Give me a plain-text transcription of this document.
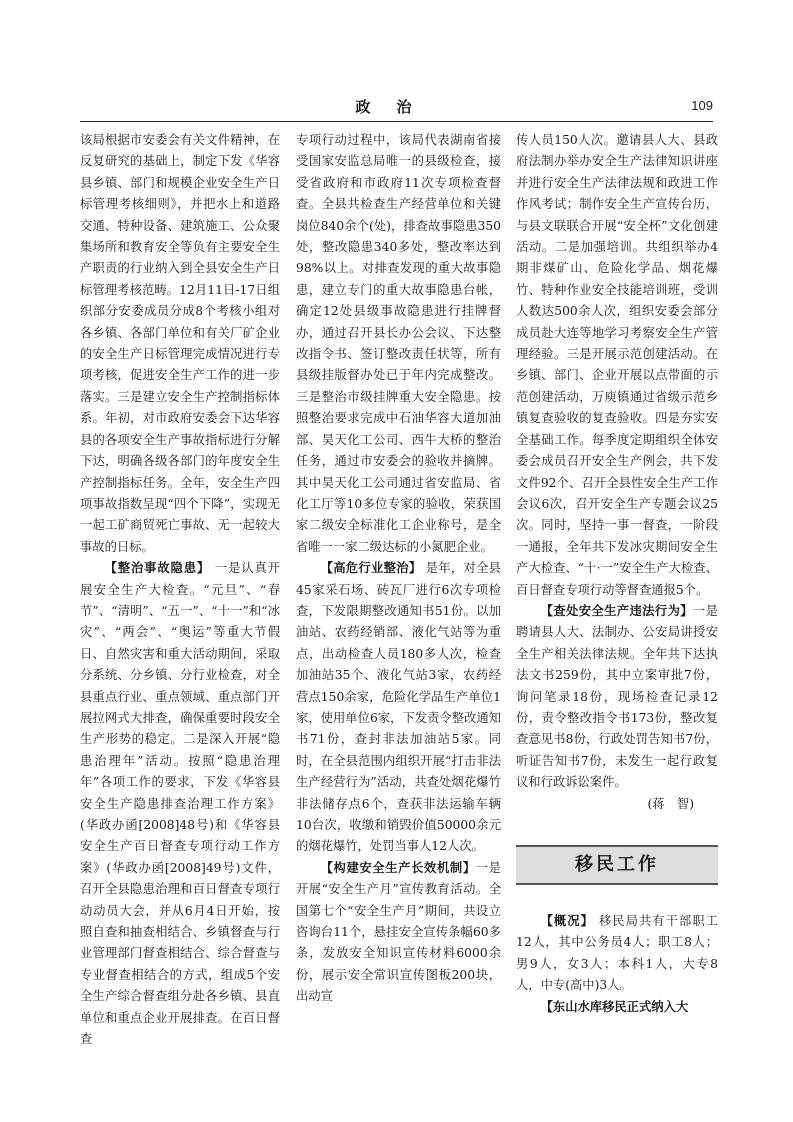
政治	109

该局根据市安委会有关文件精神，在反复研究的基础上，制定下发《华容县乡镇、部门和规模企业安全生产日标管理考核细则》，并把水上和道路交通、特种设备、建筑施工、公众聚集场所和教育安全等负有主要安全生产职责的行业纳入到全县安全生产日标管理考核范畴。12月11日-17日组织部分安委成员分成8个考核小组对各乡镇、各部门单位和有关厂矿企业的安全生产日标管理完成情况进行专项考核，促进安全生产工作的进一步落实。三是建立安全生产控制指标体系。年初，对市政府安委会下达华容县的各项安全生产事故指标进行分解下达，明确各级各部门的年度安全生产控制指标任务。全年，安全生产四项事故指数呈现“四个下降”，实现无一起工矿商贸死亡事故、无一起较大事故的日标。

【整治事故隐患】 一是认真开展安全生产大检查。“元旦”、“春节”、“清明”、“五一”、“十一”和“冰灾”、“两会”、“奥运”等重大节假日、自然灾害和重大活动期间，采取分系统、分乡镇、分行业检查，对全县重点行业、重点领域、重点部门开展拉网式大排查，确保重要时段安全生产形势的稳定。二是深入开展“隐患治理年”活动。按照“隐患治理年”各项工作的要求，下发《华容县安全生产隐患排查治理工作方案》(华政办函[2008]48号)和《华容县安全生产百日督查专项行动工作方案》(华政办函[2008]49号)文件，召开全县隐患治理和百日督查专项行动动员大会，并从6月4日开始，按照自查和抽查相结合、乡镇督查与行业管理部门督查相结合、综合督查与专业督查相结合的方式，组成5个安全生产综合督查组分赴各乡镇、县直单位和重点企业开展排查。在百日督查

专项行动过程中，该局代表湖南省接受国家安监总局唯一的县级检查，接受省政府和市政府11次专项检查督查。全县共检查生产经营单位和关键岗位840余个(处)，排查故事隐患350处，整改隐患340多处，整改率达到98%以上。对排查发现的重大故事隐患，建立专门的重大故事隐患台帐，确定12处县级事故隐患进行挂牌督办，通过召开县长办公会议、下达整改指令书、签订整改责任状等，所有县级挂版督办处已于年内完成整改。三是整治市级挂牌重大安全隐患。按照整治要求完成中石油华容大道加油部、昊天化工公司、西牛大桥的整治任务，通过市安委会的验收并摘牌。其中昊天化工公司通过省安监局、省化工厅等10多位专家的验收，荣获国家二级安全标准化工企业称号，是全省唯一一家二级达标的小氮肥企业。

【高危行业整治】 是年，对全县45家采石场、砖瓦厂进行6次专项检查，下发限期整改通知书51份。以加油站、农药经销部、液化气站等为重点，出动检查人员180多人次，检查加油站35个、液化气站3家，农药经营点150余家，危险化学品生产单位1家，使用单位6家，下发责令整改通知书71份，查封非法加油站5家。同时，在全县范围内组织开展“打击非法生产经营行为”活动，共查处烟花爆竹非法储存点6个，查获非法运输车辆10台次，收缴和销毁价值50000余元的烟花爆竹，处罚当事人12人次。

【构建安全生产长效机制】一是开展“安全生产月”宣传教育活动。全国第七个“安全生产月”期间，共设立咨询台11个，悬挂安全宣传条幅60多条，发放安全知识宣传材料6000余份，展示安全常识宣传图板200块，出动宣

传人员150人次。邀请县人大、县政府法制办举办安全生产法律知识讲座并进行安全生产法律法规和政进工作作风考试；制作安全生产宣传台历，与县文联联合开展“安全杯”文化创建活动。二是加强培训。共组织举办4期非煤矿山、危险化学品、烟花爆竹、特种作业安全技能培训班，受训人数达500余人次，组织安委会部分成员赴大连等地学习考察安全生产管理经验。三是开展示范创建活动。在乡镇、部门、企业开展以点带面的示范创建活动，万庾镇通过省级示范乡镇复查验收的复查验收。四是夯实安全基础工作。每季度定期组织全体安委会成员召开安全生产例会，共下发文件92个、召开全县性安全生产工作会议6次，召开安全生产专题会议25次。同时，坚持一事一督查，一阶段一通报，全年共下发冰灾期间安全生产大检查、“十·一”安全生产大检查、百日督查专项行动等督查通报5个。

【查处安全生产违法行为】一是聘请县人大、法制办、公安局讲授安全生产相关法律法规。全年共下达执法文书259份，其中立案审批7份，询问笔录18份，现场检查记录12份，责令整改指令书173份，整改复查意见书8份，行政处罚告知书7份，听证告知书7份，未发生一起行政复议和行政诉讼案件。

(蒋　智)

移民工作

【概况】 移民局共有干部职工12人，其中公务员4人；职工8人；男9人，女3人；本科1人，大专8人，中专(高中)3人。

【东山水库移民正式纳入大
